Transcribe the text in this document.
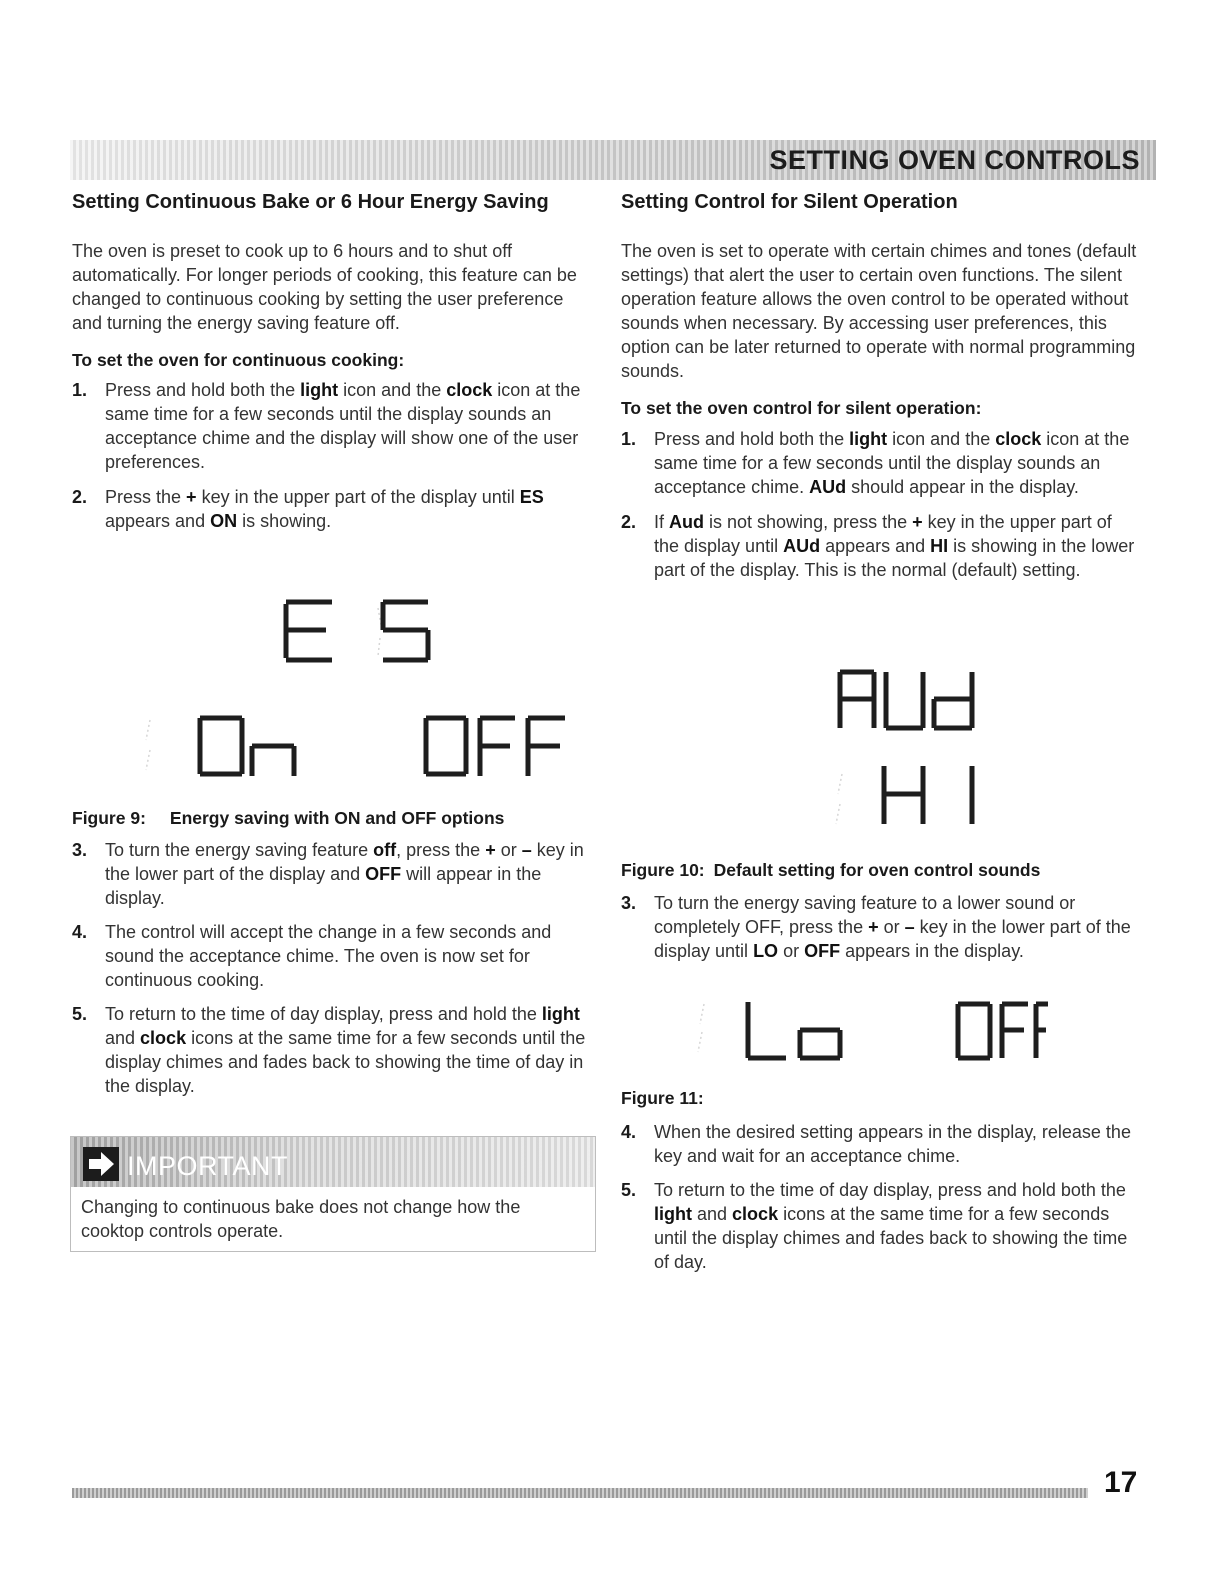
SETTING OVEN CONTROLS
Setting Continuous Bake or 6 Hour Energy Saving

The oven is preset to cook up to 6 hours and to shut off automatically. For longer periods of cooking, this feature can be changed to continuous cooking by setting the user preference and turning the energy saving feature off.

To set the oven for continuous cooking:
1. Press and hold both the light icon and the clock icon at the same time for a few seconds until the display sounds an acceptance chime and the display will show one of the user preferences.
2. Press the + key in the upper part of the display until ES appears and ON is showing.
Figure 9: Energy saving with ON and OFF options
3. To turn the energy saving feature off, press the + or – key in the lower part of the display and OFF will appear in the display.
4. The control will accept the change in a few seconds and sound the acceptance chime. The oven is now set for continuous cooking.
5. To return to the time of day display, press and hold the light and clock icons at the same time for a few seconds until the display chimes and fades back to showing the time of day in the display.
IMPORTANT
Changing to continuous bake does not change how the cooktop controls operate.
Setting Control for Silent Operation

The oven is set to operate with certain chimes and tones (default settings) that alert the user to certain oven functions. The silent operation feature allows the oven control to be operated without sounds when necessary. By accessing user preferences, this option can be later returned to operate with normal programming sounds.

To set the oven control for silent operation:
1. Press and hold both the light icon and the clock icon at the same time for a few seconds until the display sounds an acceptance chime. AUd should appear in the display.
2. If Aud is not showing, press the + key in the upper part of the display until AUd appears and HI is showing in the lower part of the display. This is the normal (default) setting.
Figure 10: Default setting for oven control sounds
3. To turn the energy saving feature to a lower sound or completely OFF, press the + or – key in the lower part of the display until LO or OFF appears in the display.
Figure 11:
4. When the desired setting appears in the display, release the key and wait for an acceptance chime.
5. To return to the time of day display, press and hold both the light and clock icons at the same time for a few seconds until the display chimes and fades back to showing the time of day.
17
